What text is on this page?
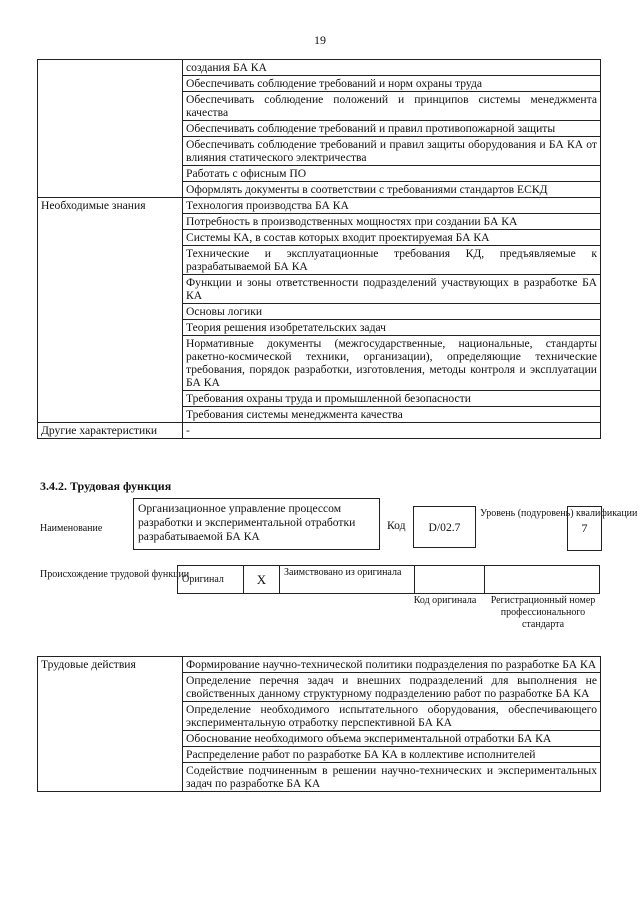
19
	создания БА КА
	Обеспечивать соблюдение требований и норм охраны труда
	Обеспечивать соблюдение положений и принципов системы менеджмента качества
	Обеспечивать соблюдение требований и правил противопожарной защиты
	Обеспечивать соблюдение требований и правил защиты оборудования и БА КА от влияния статического электричества
	Работать с офисным ПО
	Оформлять документы в соответствии с требованиями стандартов ЕСКД
Необходимые знания	Технология производства БА КА
	Потребность в производственных мощностях при создании БА КА
	Системы КА, в состав которых входит проектируемая БА КА
	Технические и эксплуатационные требования КД, предъявляемые к разрабатываемой БА КА
	Функции и зоны ответственности подразделений участвующих в разработке БА КА
	Основы логики
	Теория решения изобретательских задач
	Нормативные документы (межгосударственные, национальные, стандарты ракетно-космической техники, организации), определяющие технические требования, порядок разработки, изготовления, методы контроля и эксплуатации БА КА
	Требования охраны труда и промышленной безопасности
	Требования системы менеджмента качества
Другие характеристики	-
3.4.2. Трудовая функция
Наименование
Организационное управление процессом разработки и экспериментальной отработки разрабатываемой БА КА
Код	D/02.7
Уровень (подуровень) квалификации
7
Происхождение трудовой функции
Оригинал	X	Заимствовано из оригинала		
Код оригинала	Регистрационный номер профессионального стандарта
Трудовые действия	Формирование научно-технической политики подразделения по разработке БА КА
Определение перечня задач и внешних подразделений для выполнения не свойственных данному структурному подразделению работ по разработке БА КА
Определение необходимого испытательного оборудования, обеспечивающего экспериментальную отработку перспективной БА КА
Обоснование необходимого объема экспериментальной отработки БА КА
Распределение работ по разработке БА КА в коллективе исполнителей
Содействие подчиненным в решении научно-технических и экспериментальных задач по разработке БА КА
